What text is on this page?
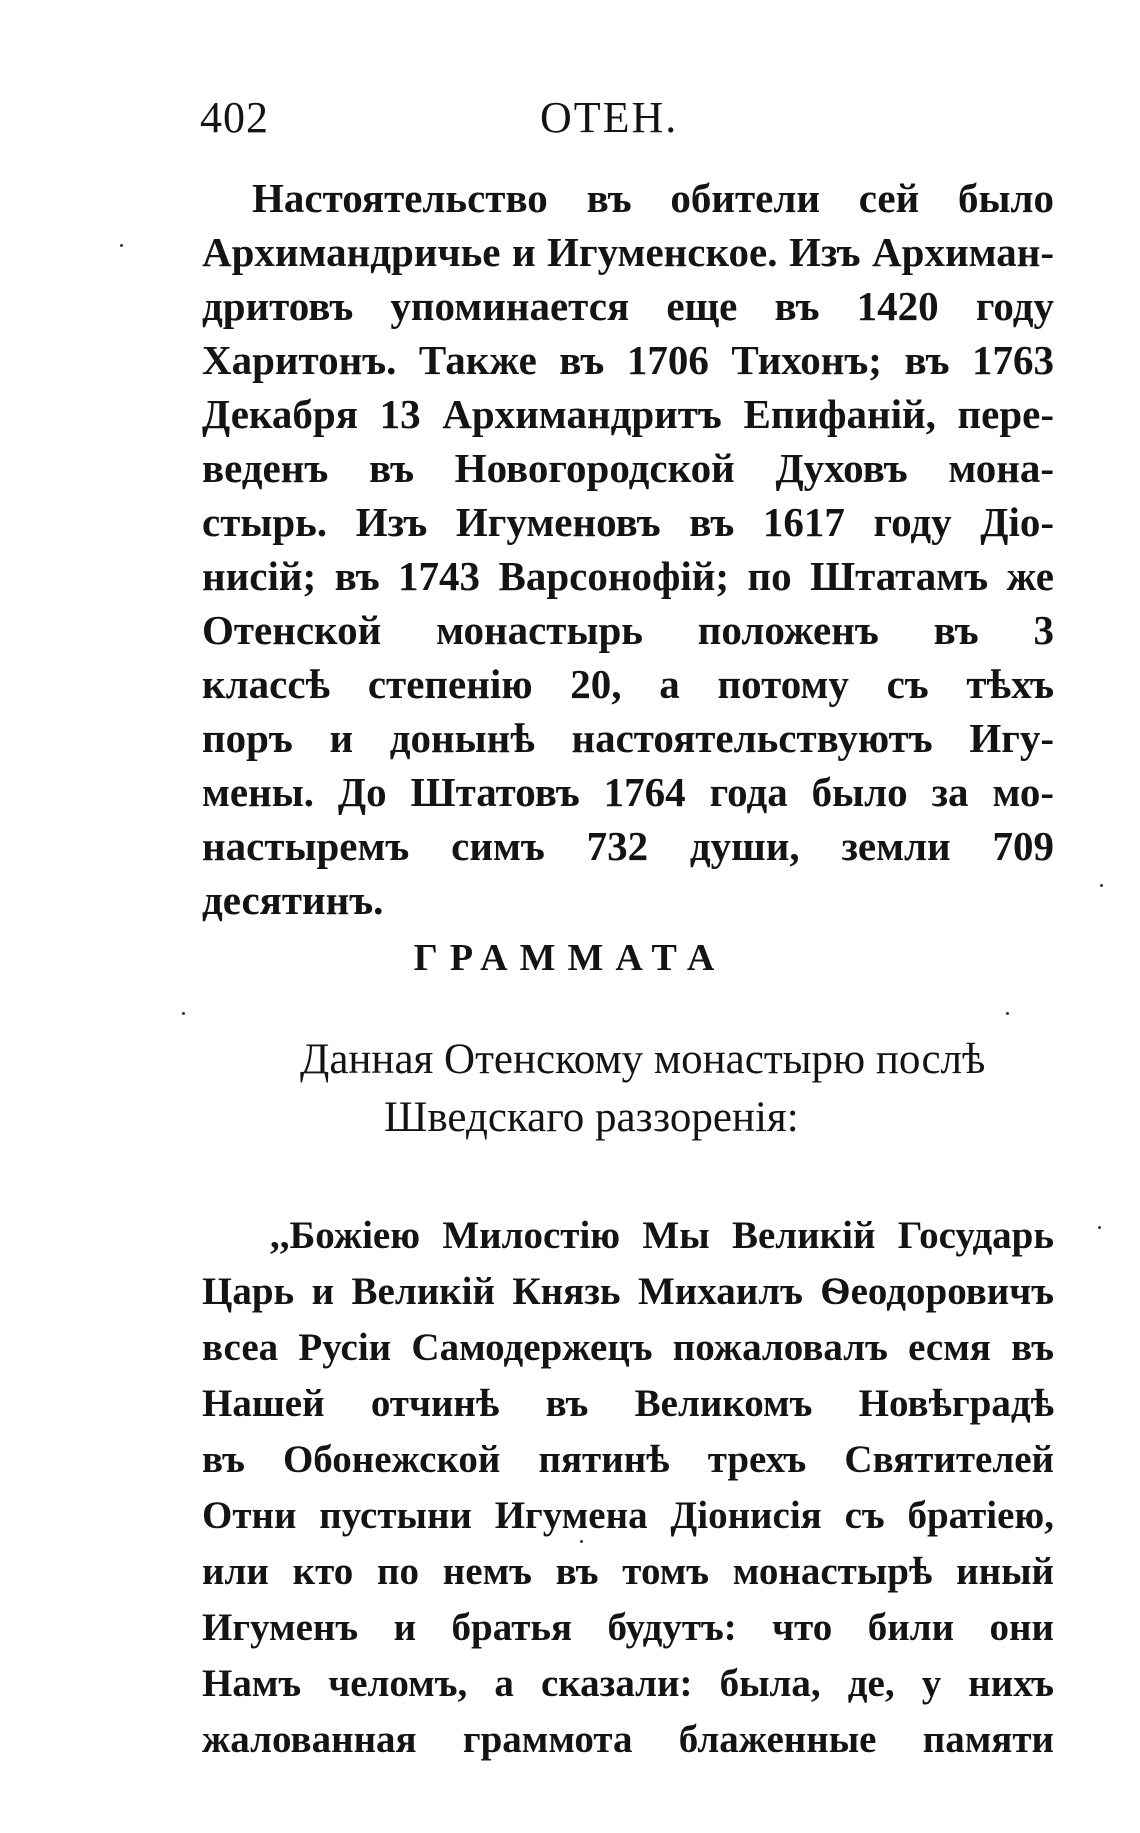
402	ОТЕН.
Настоятельство въ обители сей было
Архимандричье и Игуменское. Изъ Архиман-
дритовъ упоминается еще въ 1420 году
Харитонъ. Также въ 1706 Тихонъ; въ 1763
Декабря 13 Архимандритъ Епифаній, пере-
веденъ въ Новогородской Духовъ мона-
стырь. Изъ Игуменовъ въ 1617 году Діо-
нисій; въ 1743 Варсонофій; по Штатамъ же
Отенской монастырь положенъ въ 3
классѣ степенію 20, а потому съ тѣхъ
поръ и донынѣ настоятельствуютъ Игу-
мены. До Штатовъ 1764 года было за мо-
настыремъ симъ 732 души, земли 709
десятинъ.
ГРАММАТА
Данная Отенскому монастырю послѣ
Шведскаго раззоренія:
,,Божіею Милостію Мы Великій Государь
Царь и Великій Князь Михаилъ Ѳеодоровичъ
всеа Русіи Самодержецъ пожаловалъ есмя въ
Нашей отчинѣ въ Великомъ Новѣградѣ
въ Обонежской пятинѣ трехъ Святителей
Отни пустыни Игумена Діонисія съ братіею,
или кто по немъ въ томъ монастырѣ иный
Игуменъ и братья будутъ: что били они
Намъ челомъ, а сказали: была, де, у нихъ
жалованная граммота блаженные памяти
